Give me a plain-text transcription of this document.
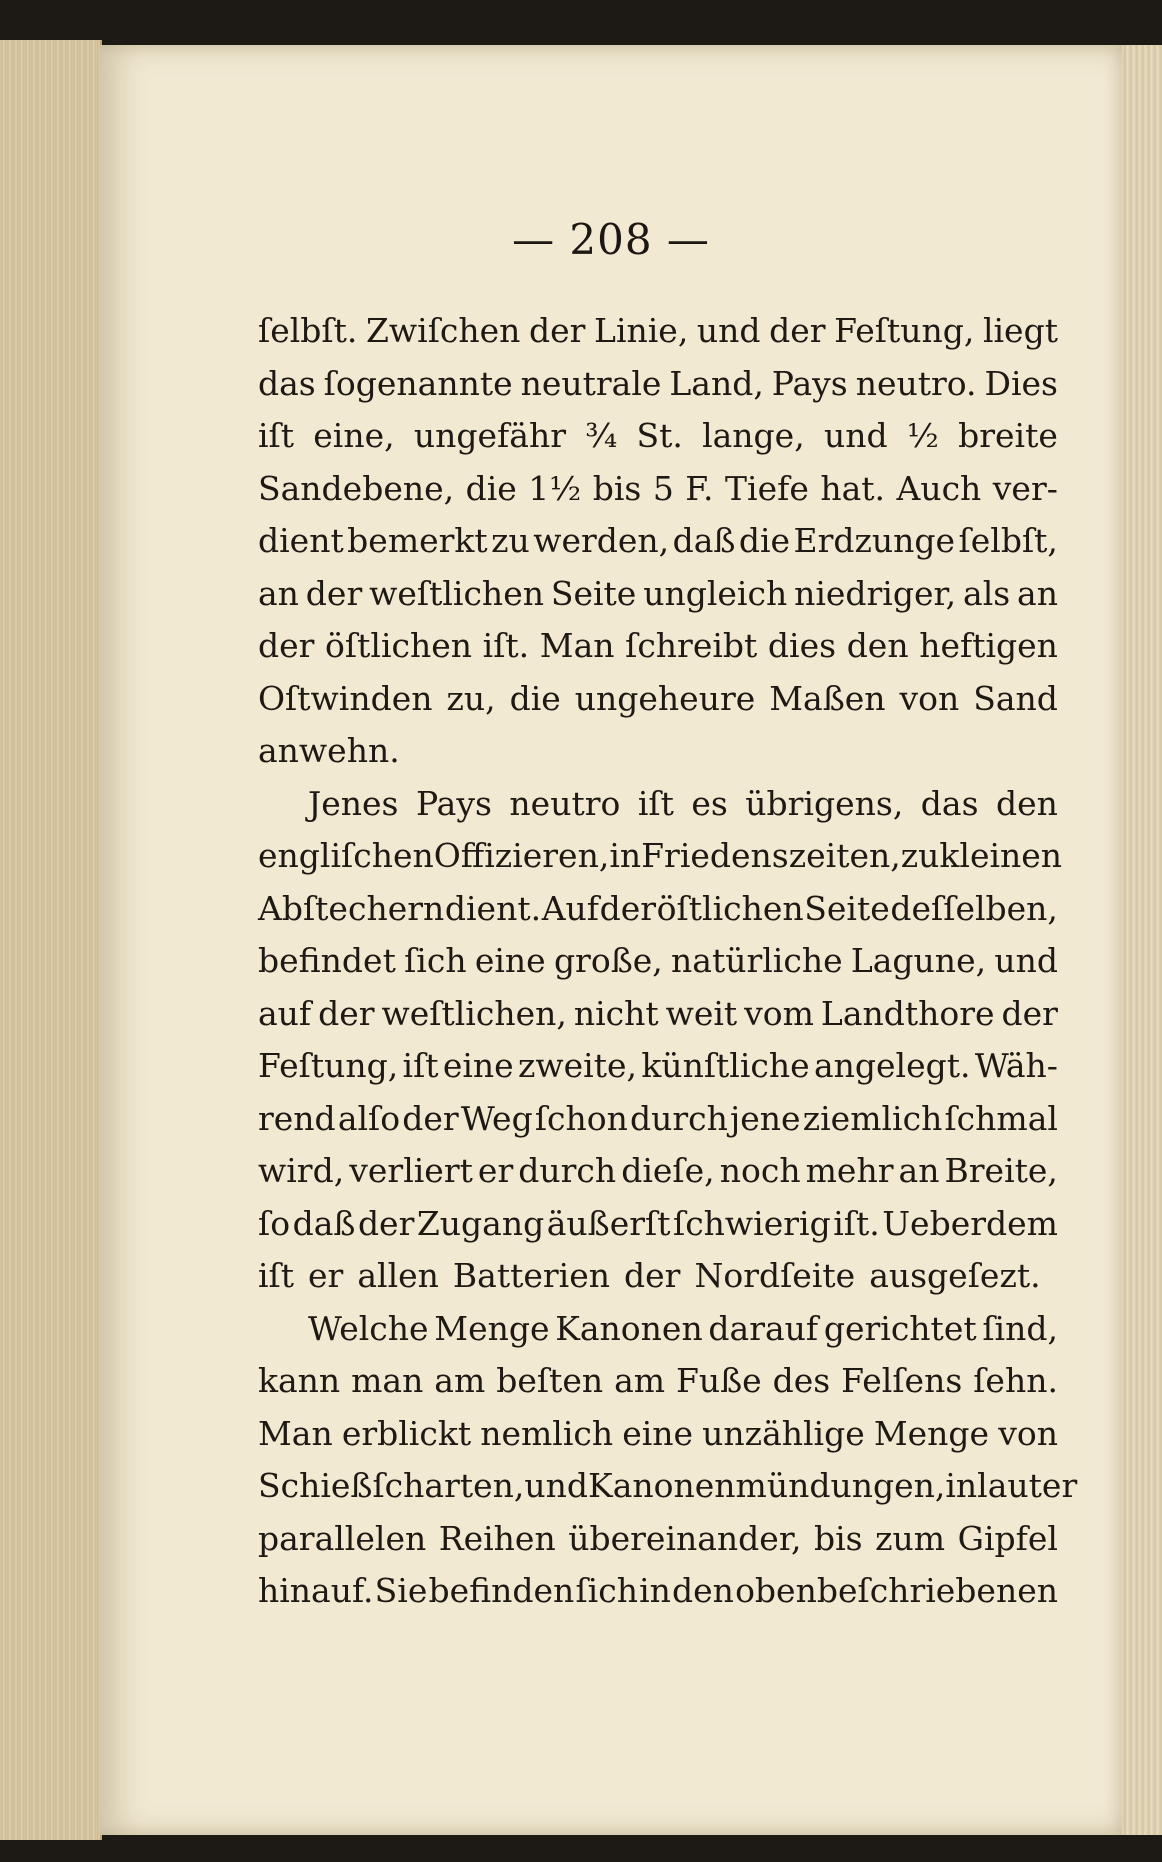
— 208 —
ſelbſt. Zwiſchen der Linie, und der Feſtung, liegt
das ſogenannte neutrale Land, Pays neutro. Dies
iſt eine, ungefähr ¾ St. lange, und ½ breite
Sandebene, die 1½ bis 5 F. Tiefe hat. Auch ver-
dient bemerkt zu werden, daß die Erdzunge ſelbſt,
an der weſtlichen Seite ungleich niedriger, als an
der öſtlichen iſt. Man ſchreibt dies den heftigen
Oſtwinden zu, die ungeheure Maßen von Sand
anwehn.
Jenes Pays neutro iſt es übrigens, das den
engliſchen Offizieren, in Friedenszeiten, zu kleinen
Abſtechern dient. Auf der öſtlichen Seite deſſelben,
befindet ſich eine große, natürliche Lagune, und
auf der weſtlichen, nicht weit vom Landthore der
Feſtung, iſt eine zweite, künſtliche angelegt. Wäh-
rend alſo der Weg ſchon durch jene ziemlich ſchmal
wird, verliert er durch dieſe, noch mehr an Breite,
ſo daß der Zugang äußerſt ſchwierig iſt. Ueberdem
iſt er allen Batterien der Nordſeite ausgeſezt.
Welche Menge Kanonen darauf gerichtet ſind,
kann man am beſten am Fuße des Felſens ſehn.
Man erblickt nemlich eine unzählige Menge von
Schießſcharten, und Kanonenmündungen, in lauter
parallelen Reihen übereinander, bis zum Gipfel
hinauf. Sie befinden ſich in den obenbeſchriebenen
